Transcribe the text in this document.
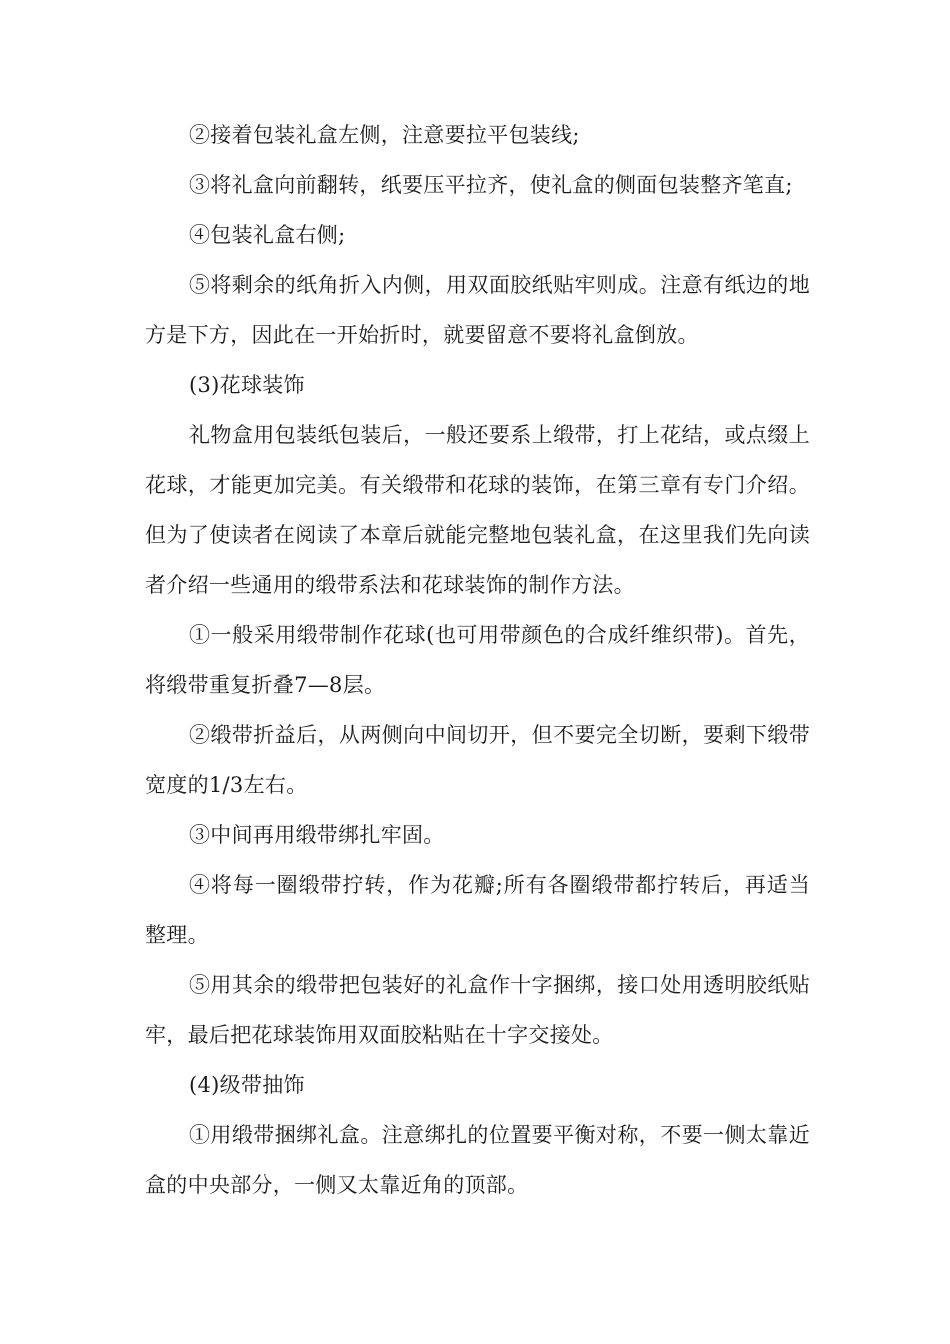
②接着包装礼盒左侧，注意要拉平包装线;

③将礼盒向前翻转，纸要压平拉齐，使礼盒的侧面包装整齐笔直;

④包装礼盒右侧;

⑤将剩余的纸角折入内侧，用双面胶纸贴牢则成。注意有纸边的地方是下方，因此在一开始折时，就要留意不要将礼盒倒放。

(3)花球装饰

礼物盒用包装纸包装后，一般还要系上缎带，打上花结，或点缀上花球，才能更加完美。有关缎带和花球的装饰，在第三章有专门介绍。但为了使读者在阅读了本章后就能完整地包装礼盒，在这里我们先向读者介绍一些通用的缎带系法和花球装饰的制作方法。

①一般采用缎带制作花球(也可用带颜色的合成纤维织带)。首先，将缎带重复折叠7—8层。

②缎带折益后，从两侧向中间切开，但不要完全切断，要剩下缎带宽度的1/3左右。

③中间再用缎带绑扎牢固。

④将每一圈缎带拧转，作为花瓣;所有各圈缎带都拧转后，再适当整理。

⑤用其余的缎带把包装好的礼盒作十字捆绑，接口处用透明胶纸贴牢，最后把花球装饰用双面胶粘贴在十字交接处。

(4)级带抽饰

①用缎带捆绑礼盒。注意绑扎的位置要平衡对称，不要一侧太靠近盒的中央部分，一侧又太靠近角的顶部。
